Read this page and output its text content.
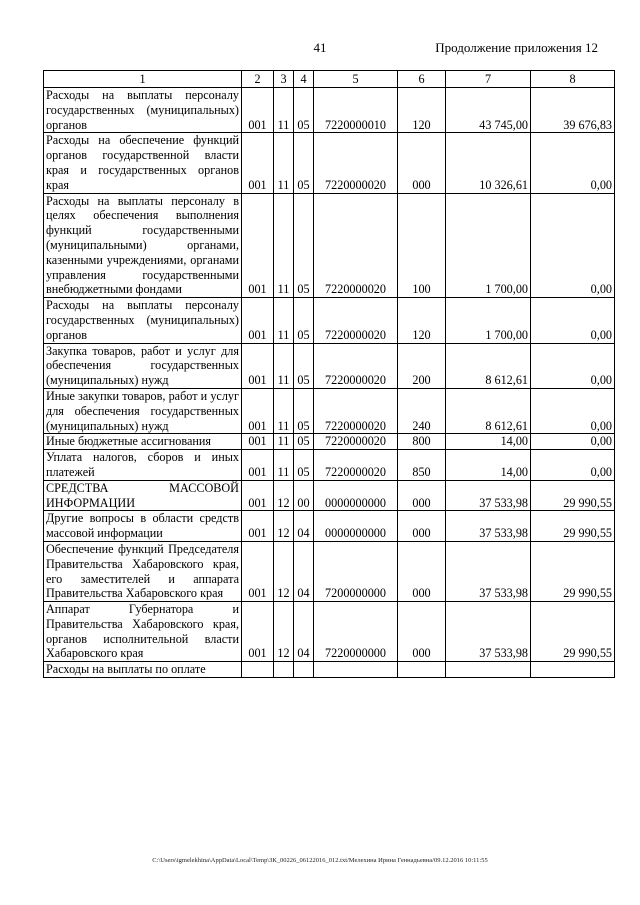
41	Продолжение приложения 12
1	2	3	4	5	6	7	8
Расходы на выплаты персоналу государственных (муниципальных) органов	001	11	05	7220000010	120	43 745,00	39 676,83
Расходы на обеспечение функций органов государственной власти края и государственных органов края	001	11	05	7220000020	000	10 326,61	0,00
Расходы на выплаты персоналу в целях обеспечения выполнения функций государственными (муниципальными) органами, казенными учреждениями, органами управления государственными внебюджетными фондами	001	11	05	7220000020	100	1 700,00	0,00
Расходы на выплаты персоналу государственных (муниципальных) органов	001	11	05	7220000020	120	1 700,00	0,00
Закупка товаров, работ и услуг для обеспечения государственных (муниципальных) нужд	001	11	05	7220000020	200	8 612,61	0,00
Иные закупки товаров, работ и услуг для обеспечения государственных (муниципальных) нужд	001	11	05	7220000020	240	8 612,61	0,00
Иные бюджетные ассигнования	001	11	05	7220000020	800	14,00	0,00
Уплата налогов, сборов и иных платежей	001	11	05	7220000020	850	14,00	0,00
СРЕДСТВА МАССОВОЙ ИНФОРМАЦИИ	001	12	00	0000000000	000	37 533,98	29 990,55
Другие вопросы в области средств массовой информации	001	12	04	0000000000	000	37 533,98	29 990,55
Обеспечение функций Председателя Правительства Хабаровского края, его заместителей и аппарата Правительства Хабаровского края	001	12	04	7200000000	000	37 533,98	29 990,55
Аппарат Губернатора и Правительства Хабаровского края, органов исполнительной власти Хабаровского края	001	12	04	7220000000	000	37 533,98	29 990,55
Расходы на выплаты по оплате							
C:\Users\igmelekhina\AppData\Local\Temp\ЗК_00226_06122016_012.txt/Мелехина Ирина Геннадьевна/09.12.2016 10:11:55
